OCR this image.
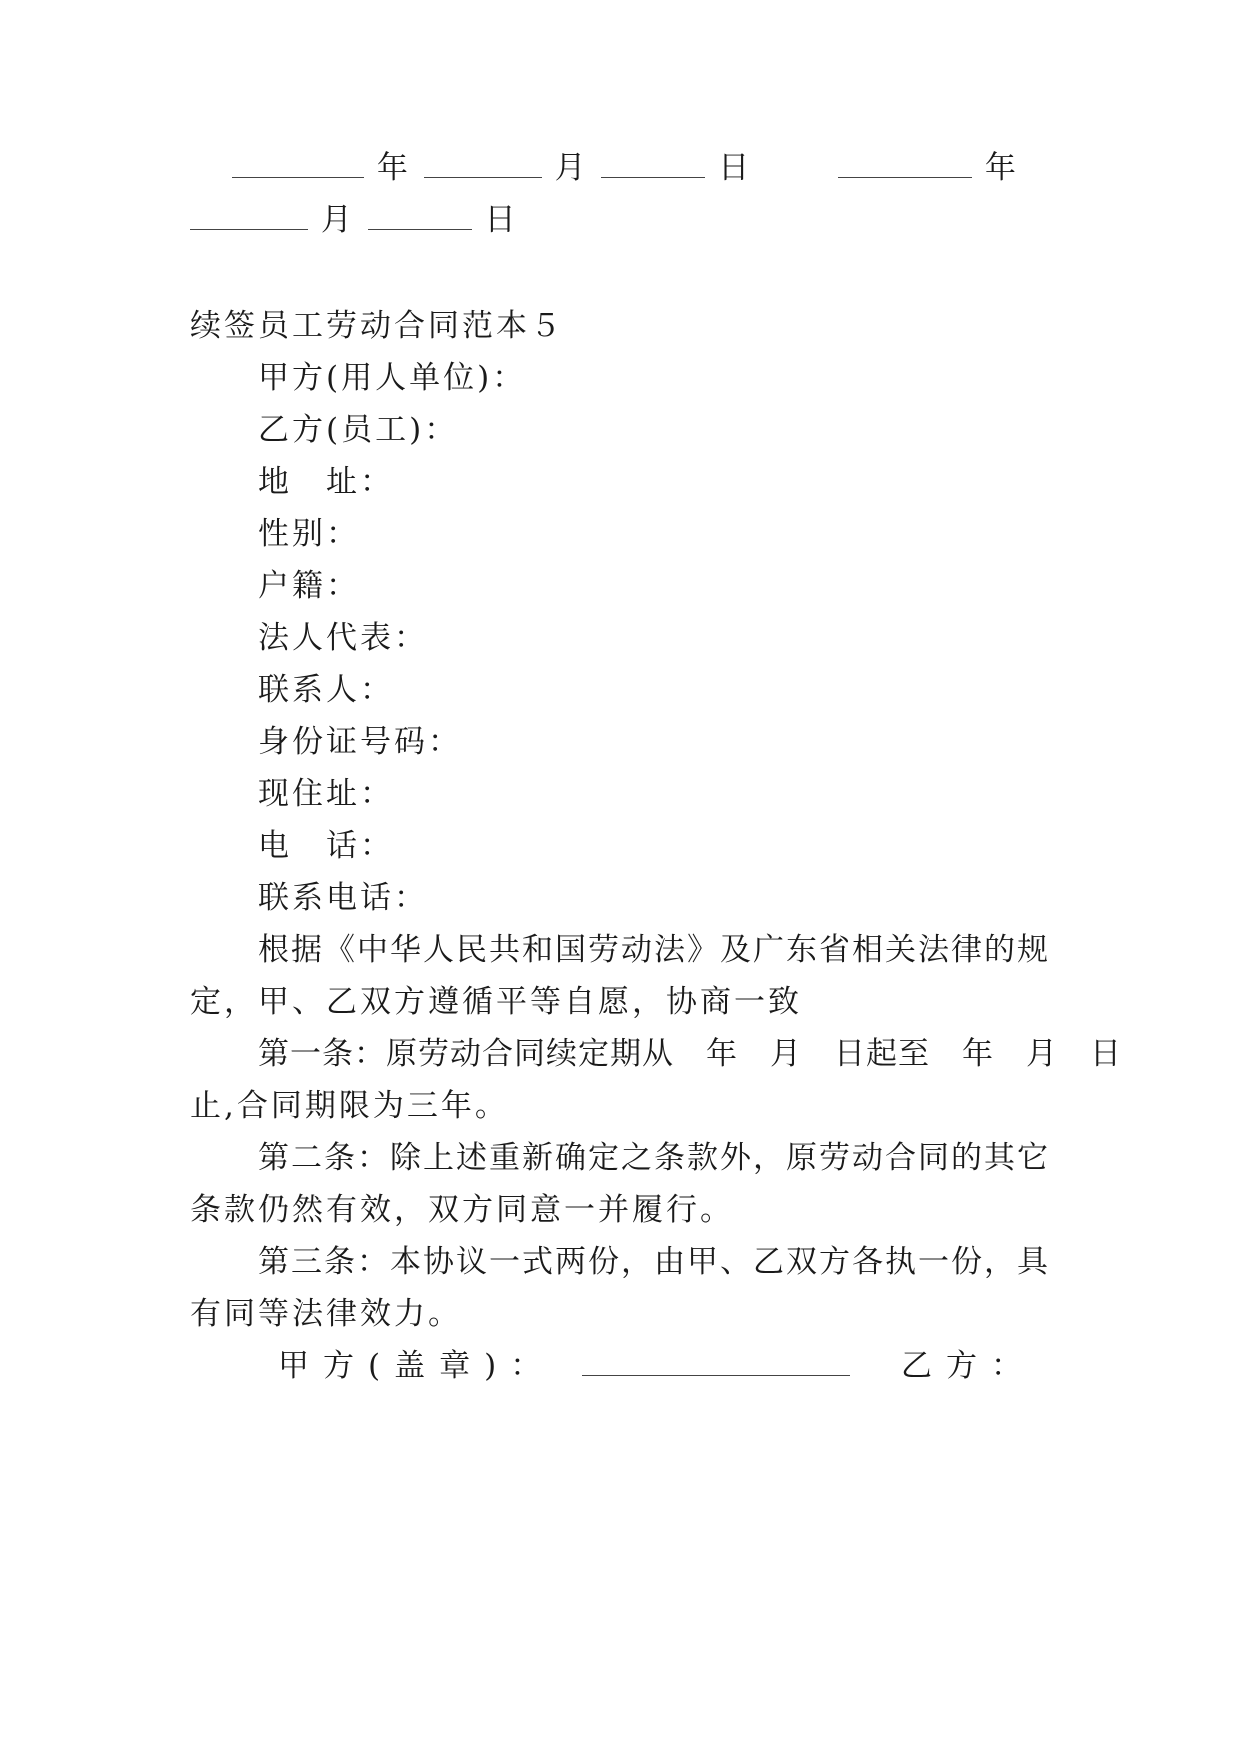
年	月	日	年
月	日
续签员工劳动合同范本５
甲方(用人单位)：
乙方(员工)：
地　址：
性别：
户籍：
法人代表：
联系人：
身份证号码：
现住址：
电　话：
联系电话：
根据《中华人民共和国劳动法》及广东省相关法律的规
定，甲、乙双方遵循平等自愿，协商一致
第一条：原劳动合同续定期从　年　月　日起至　年　月　日
止,合同期限为三年。
第二条：除上述重新确定之条款外，原劳动合同的其它
条款仍然有效，双方同意一并履行。
第三条：本协议一式两份，由甲、乙双方各执一份，具
有同等法律效力。
甲方(盖章)：	乙方：
